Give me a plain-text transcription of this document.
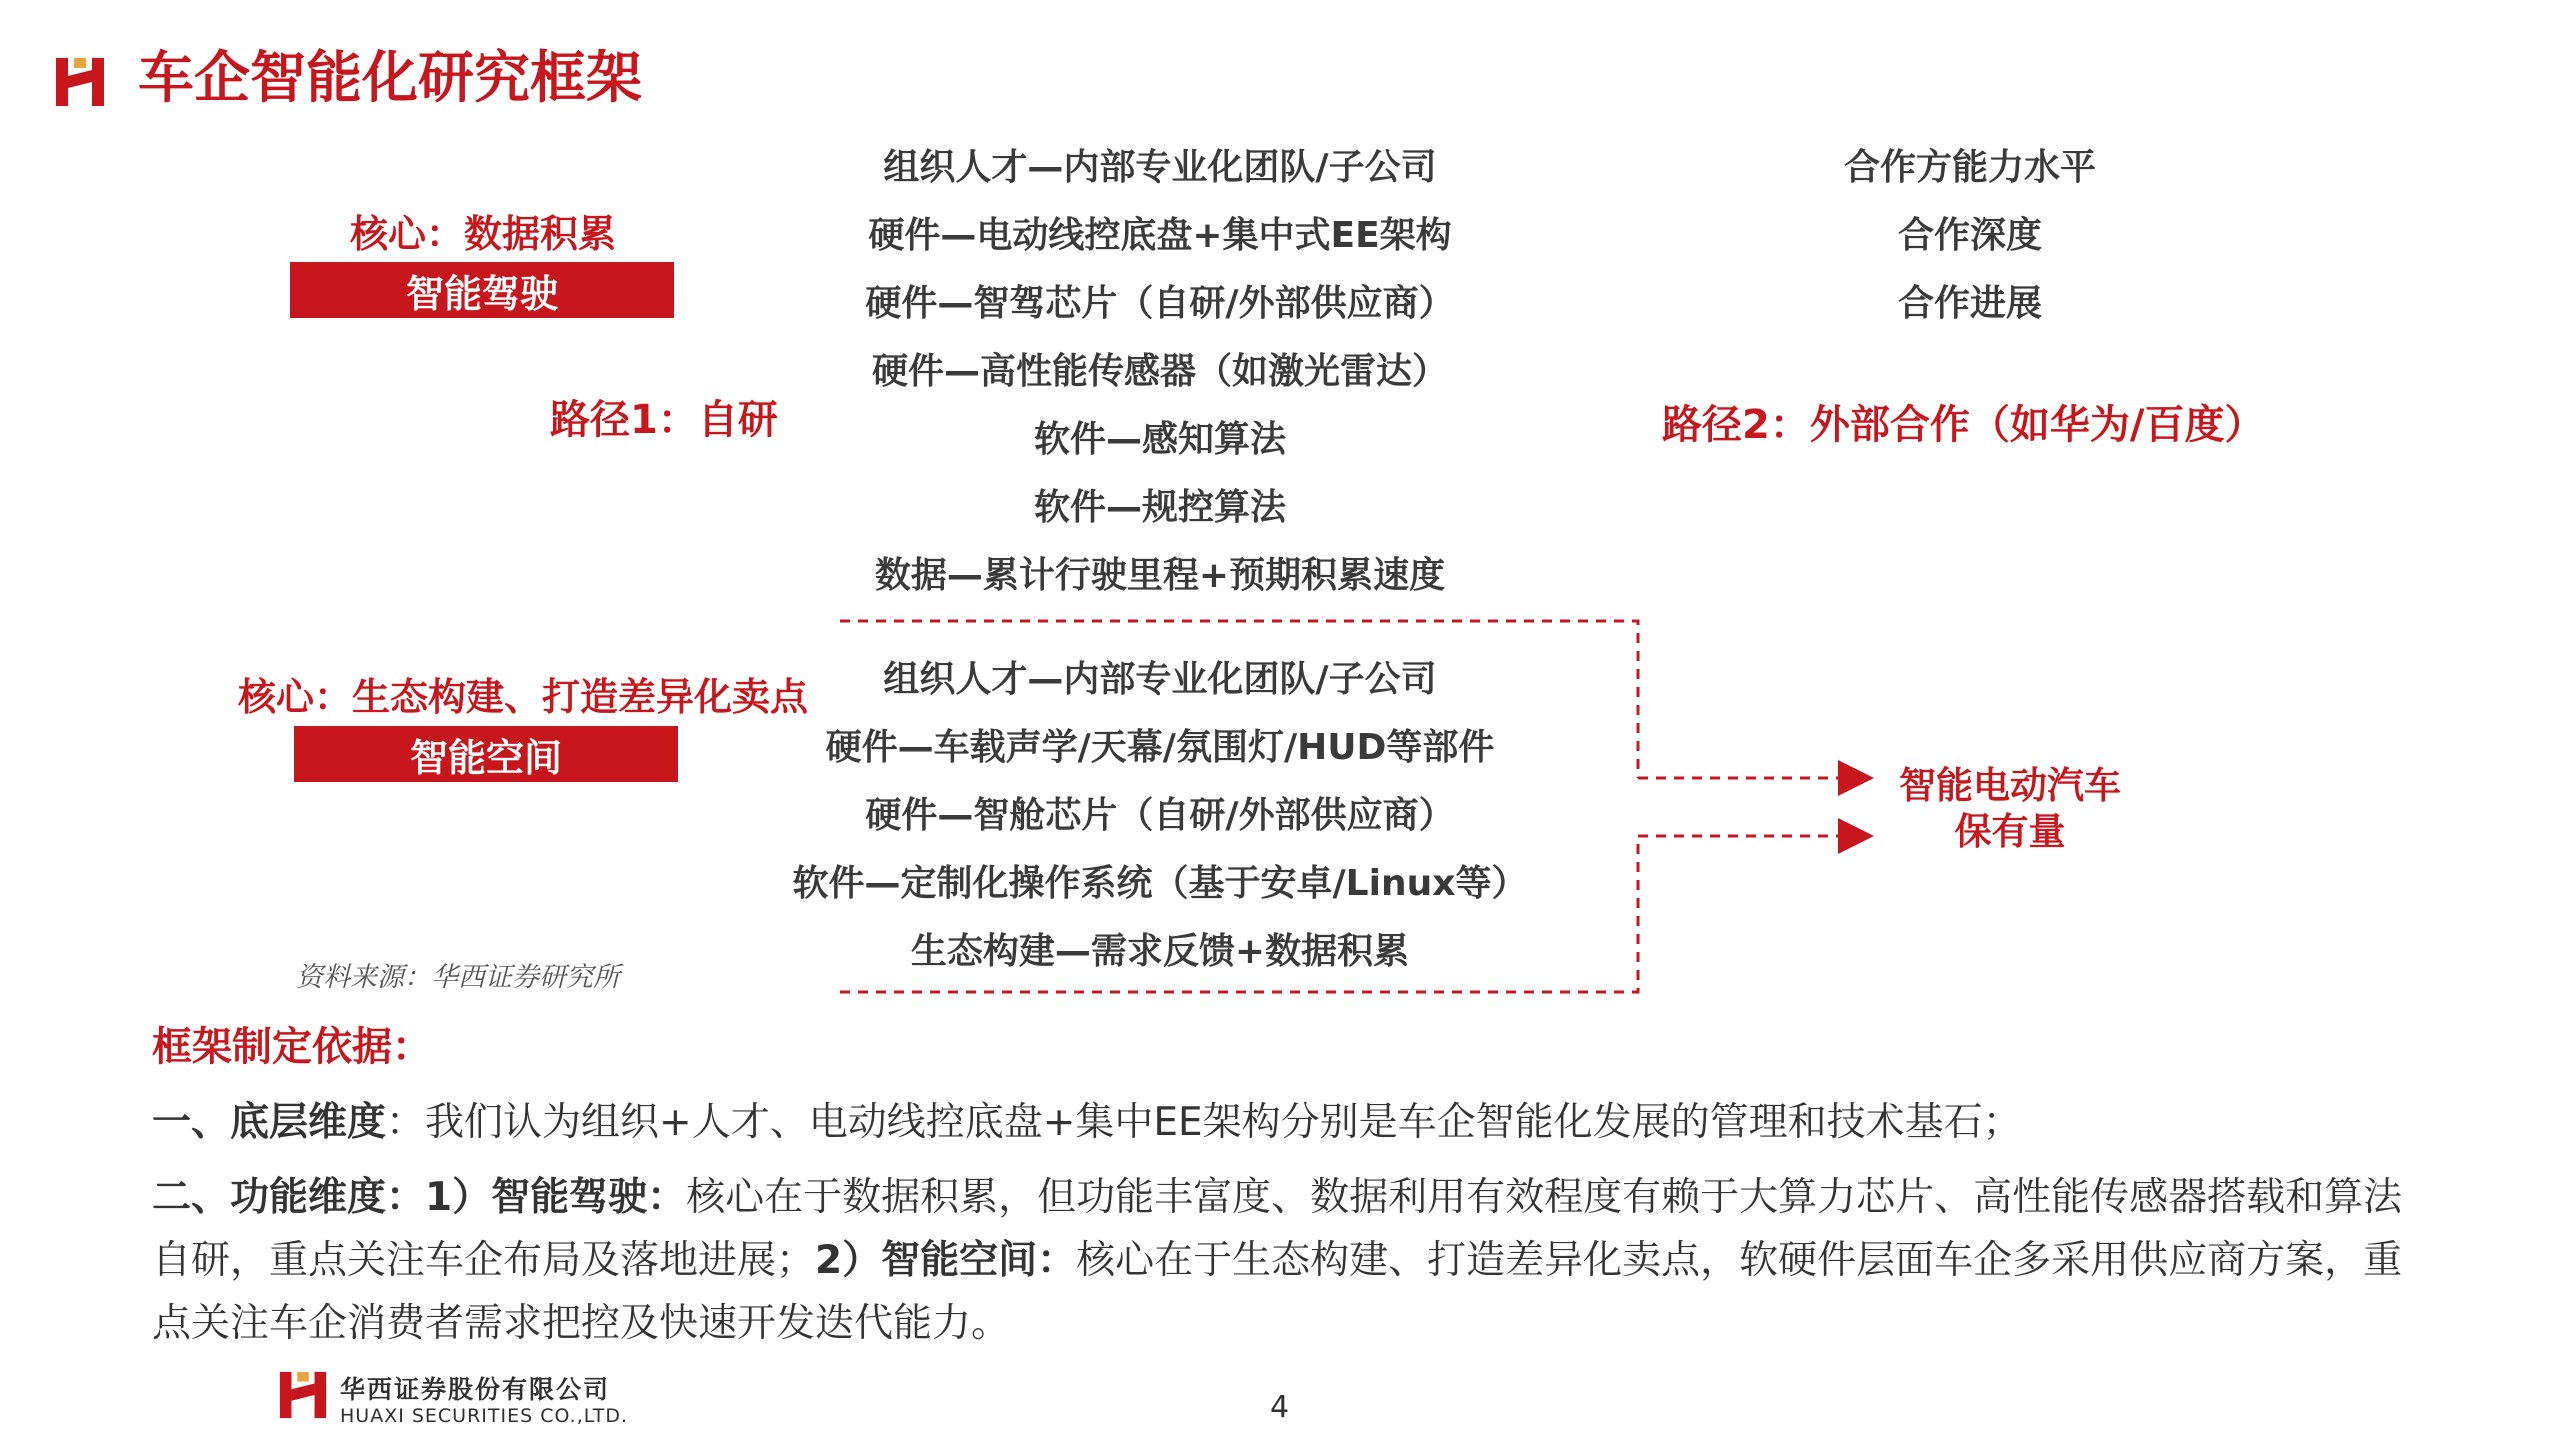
车企智能化研究框架
核心：数据积累
智能驾驶
路径1：自研
核心：生态构建、打造差异化卖点
智能空间
组织人才—内部专业化团队/子公司
硬件—电动线控底盘+集中式EE架构
硬件—智驾芯片（自研/外部供应商）
硬件—高性能传感器（如激光雷达）
软件—感知算法
软件—规控算法
数据—累计行驶里程+预期积累速度
组织人才—内部专业化团队/子公司
硬件—车载声学/天幕/氛围灯/HUD等部件
硬件—智舱芯片（自研/外部供应商）
软件—定制化操作系统（基于安卓/Linux等）
生态构建—需求反馈+数据积累
合作方能力水平
合作深度
合作进展
路径2：外部合作（如华为/百度）
智能电动汽车
保有量
资料来源：华西证券研究所
框架制定依据：
一、底层维度：我们认为组织+人才、电动线控底盘+集中EE架构分别是车企智能化发展的管理和技术基石；
二、功能维度：1）智能驾驶：核心在于数据积累，但功能丰富度、数据利用有效程度有赖于大算力芯片、高性能传感器搭载和算法自研，重点关注车企布局及落地进展；2）智能空间：核心在于生态构建、打造差异化卖点，软硬件层面车企多采用供应商方案，重点关注车企消费者需求把控及快速开发迭代能力。
华西证券股份有限公司
HUAXI SECURITIES CO.,LTD.	4
